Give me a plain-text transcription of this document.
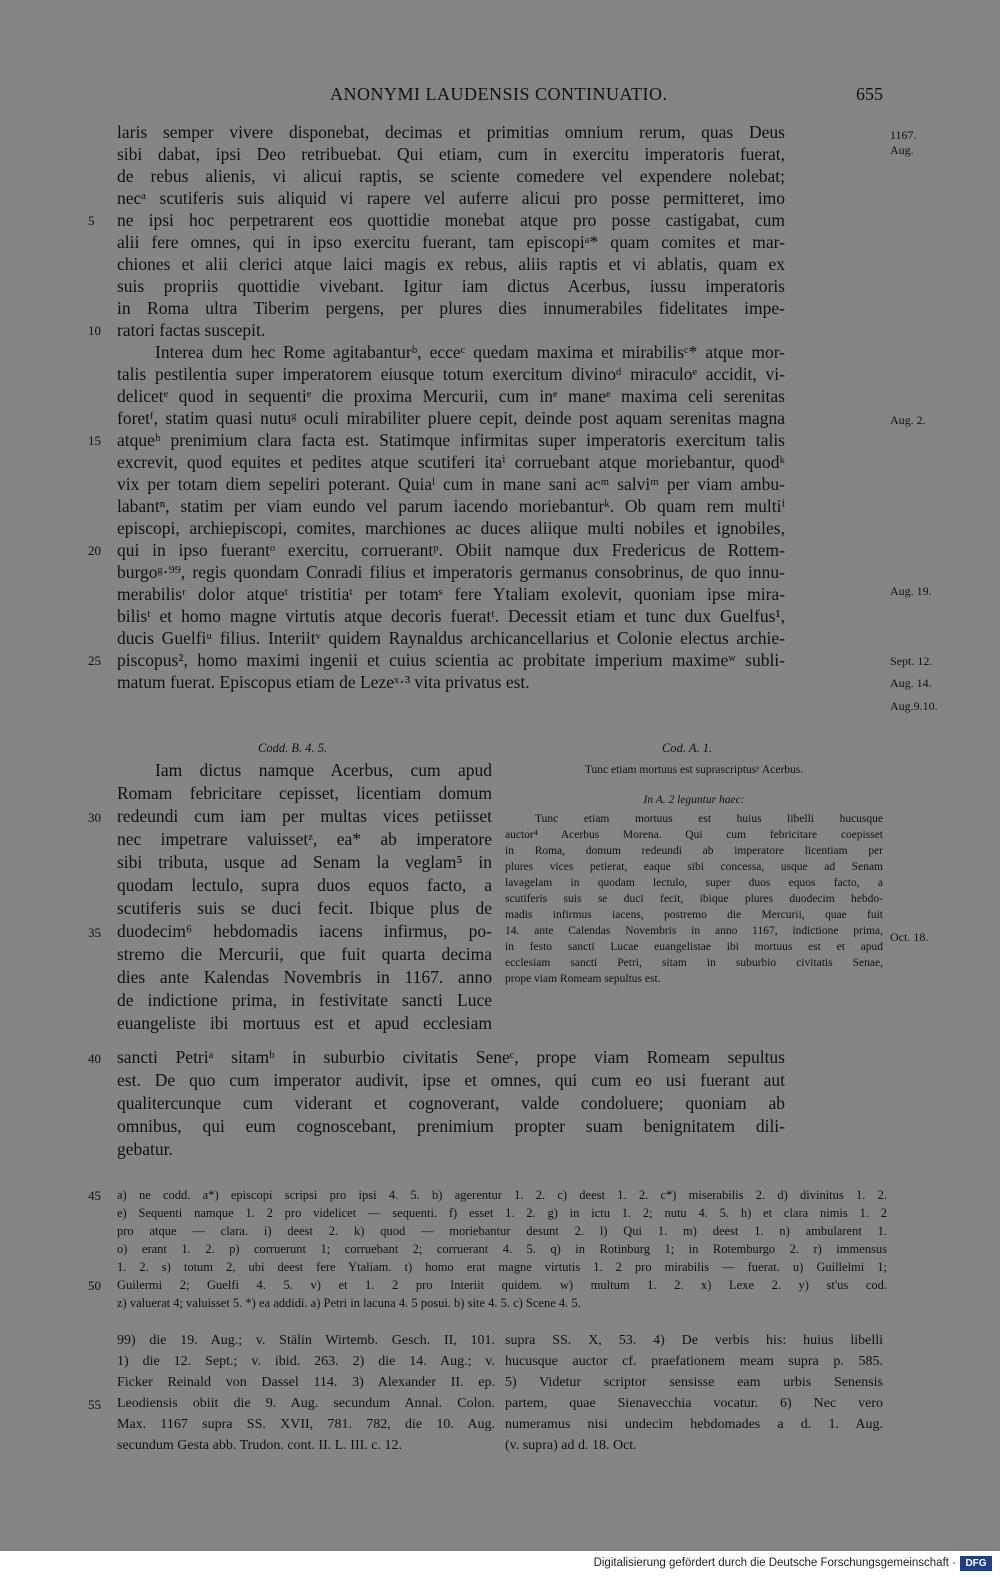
ANONYMI LAUDENSIS CONTINUATIO.	655
laris semper vivere disponebat, decimas et primitias omnium rerum, quas Deus
sibi dabat, ipsi Deo retribuebat. Qui etiam, cum in exercitu imperatoris fuerat,
de rebus alienis, vi alicui raptis, se sciente comedere vel expendere nolebat;
necᵃ scutiferis suis aliquid vi rapere vel auferre alicui pro posse permitteret, imo
ne ipsi hoc perpetrarent eos quottidie monebat atque pro posse castigabat, cum
5
alii fere omnes, qui in ipso exercitu fuerant, tam episcopiᵃ* quam comites et mar-
chiones et alii clerici atque laici magis ex rebus, aliis raptis et vi ablatis, quam ex
suis propriis quottidie vivebant. Igitur iam dictus Acerbus, iussu imperatoris
in Roma ultra Tiberim pergens, per plures dies innumerabiles fidelitates impe-
ratori factas suscepit.
10
Interea dum hec Rome agitabanturᵇ, ecceᶜ quedam maxima et mirabilisᶜ* atque mor-
talis pestilentia super imperatorem eiusque totum exercitum divinoᵈ miraculoᵉ accidit, vi-
delicetᵉ quod in sequentiᵉ die proxima Mercurii, cum inᵉ maneᵉ maxima celi serenitas
foretᶠ, statim quasi nutuᵍ oculi mirabiliter pluere cepit, deinde post aquam serenitas magna
atqueʰ prenimium clara facta est. Statimque infirmitas super imperatoris exercitum talis
15
excrevit, quod equites et pedites atque scutiferi itaⁱ corruebant atque moriebantur, quodᵏ
vix per totam diem sepeliri poterant. Quiaˡ cum in mane sani acᵐ salviᵐ per viam ambu-
labantⁿ, statim per viam eundo vel parum iacendo moriebanturᵏ. Ob quam rem multiⁱ
episcopi, archiepiscopi, comites, marchiones ac duces aliique multi nobiles et ignobiles,
qui in ipso fuerantᵒ exercitu, corruerantᵖ. Obiit namque dux Fredericus de Rottem-
20
burgoᵍ·⁹⁹, regis quondam Conradi filius et imperatoris germanus consobrinus, de quo innu-
merabilisʳ dolor atqueᵗ tristitiaᵗ per totamˢ fere Ytaliam exolevit, quoniam ipse mira-
bilisᵗ et homo magne virtutis atque decoris fueratᵗ. Decessit etiam et tunc dux Guelfus¹,
ducis Guelfiᵘ filius. Interiitᵛ quidem Raynaldus archicancellarius et Colonie electus archie-
piscopus², homo maximi ingenii et cuius scientia ac probitate imperium maximeʷ subli-
25
matum fuerat. Episcopus etiam de Lezeˣ·³ vita privatus est.
1167.
Aug.
Aug. 2.
Aug. 19.
Sept. 12.
Aug. 14.
Aug.9.10.
Oct. 18.
Codd. B. 4. 5.	Cod. A. 1.
Iam dictus namque Acerbus, cum apud
Romam febricitare cepisset, licentiam domum
redeundi cum iam per multas vices petiisset
30
nec impetrare valuissetᶻ, ea* ab imperatore
sibi tributa, usque ad Senam la veglam⁵ in
quodam lectulo, supra duos equos facto, a
scutiferis suis se duci fecit. Ibique plus de
duodecim⁶ hebdomadis iacens infirmus, po-
35
stremo die Mercurii, que fuit quarta decima
dies ante Kalendas Novembris in 1167. anno
de indictione prima, in festivitate sancti Luce
euangeliste ibi mortuus est et apud ecclesiam
Tunc etiam mortuus est suprascriptusʸ Acerbus.
In A. 2 leguntur haec:
Tunc etiam mortuus est huius libelli hucusque
auctor⁴ Acerbus Morena. Qui cum febricitare coepisset
in Roma, domum redeundi ab imperatore licentiam per
plures vices petierat, eaque sibi concessa, usque ad Senam
lavagelam in quodam lectulo, super duos equos facto, a
scutiferis suis se duci fecit, ibique plures duodecim hebdo-
madis infirmus iacens, postremo die Mercurii, quae fuit
14. ante Calendas Novembris in anno 1167, indictione prima,
in festo sancti Lucae euangelistae ibi mortuus est et apud
ecclesiam sancti Petri, sitam in suburbio civitatis Senae,
prope viam Romeam sepultus est.
sancti Petriᵃ sitamᵇ in suburbio civitatis Seneᶜ, prope viam Romeam sepultus
40
est. De quo cum imperator audivit, ipse et omnes, qui cum eo usi fuerant aut
qualitercunque cum viderant et cognoverant, valde condoluere; quoniam ab
omnibus, qui eum cognoscebant, prenimium propter suam benignitatem dili-
gebatur.
a) ne codd. a*) episcopi scripsi pro ipsi 4. 5. b) agerentur 1. 2. c) deest 1. 2. c*) miserabilis 2. d) divinitus 1. 2.
45
e) Sequenti namque 1. 2 pro videlicet — sequenti. f) esset 1. 2. g) in ictu 1. 2; nutu 4. 5. h) et clara nimis 1. 2
pro atque — clara. i) deest 2. k) quod — moriebantur desunt 2. l) Qui 1. m) deest 1. n) ambularent 1.
o) erant 1. 2. p) corruerunt 1; corruebant 2; corruerant 4. 5. q) in Rotinburg 1; in Rotemburgo 2. r) immensus
1. 2. s) totum 2, ubi deest fere Ytaliam. t) homo erat magne virtutis 1. 2 pro mirabilis — fuerat. u) Guillelmi 1;
Guilermi 2; Guelfi 4. 5. v) et 1. 2 pro Interiit quidem. w) multum 1. 2. x) Lexe 2. y) st'us cod.
50
z) valuerat 4; valuisset 5. *) ea addidi. a) Petri in lacuna 4. 5 posui. b) site 4. 5. c) Scene 4. 5.
99) die 19. Aug.; v. Stälin Wirtemb. Gesch. II, 101.
1) die 12. Sept.; v. ibid. 263. 2) die 14. Aug.; v.
Ficker Reinald von Dassel 114. 3) Alexander II. ep.
Leodiensis obiit die 9. Aug. secundum Annal. Colon.
55
Max. 1167 supra SS. XVII, 781. 782, die 10. Aug.
secundum Gesta abb. Trudon. cont. II. L. III. c. 12.
supra SS. X, 53. 4) De verbis his: huius libelli
hucusque auctor cf. praefationem meam supra p. 585.
5) Videtur scriptor sensisse eam urbis Senensis
partem, quae Sienavecchia vocatur. 6) Nec vero
numeramus nisi undecim hebdomades a d. 1. Aug.
(v. supra) ad d. 18. Oct.
Digitalisierung gefördert durch die Deutsche Forschungsgemeinschaft · DFG
